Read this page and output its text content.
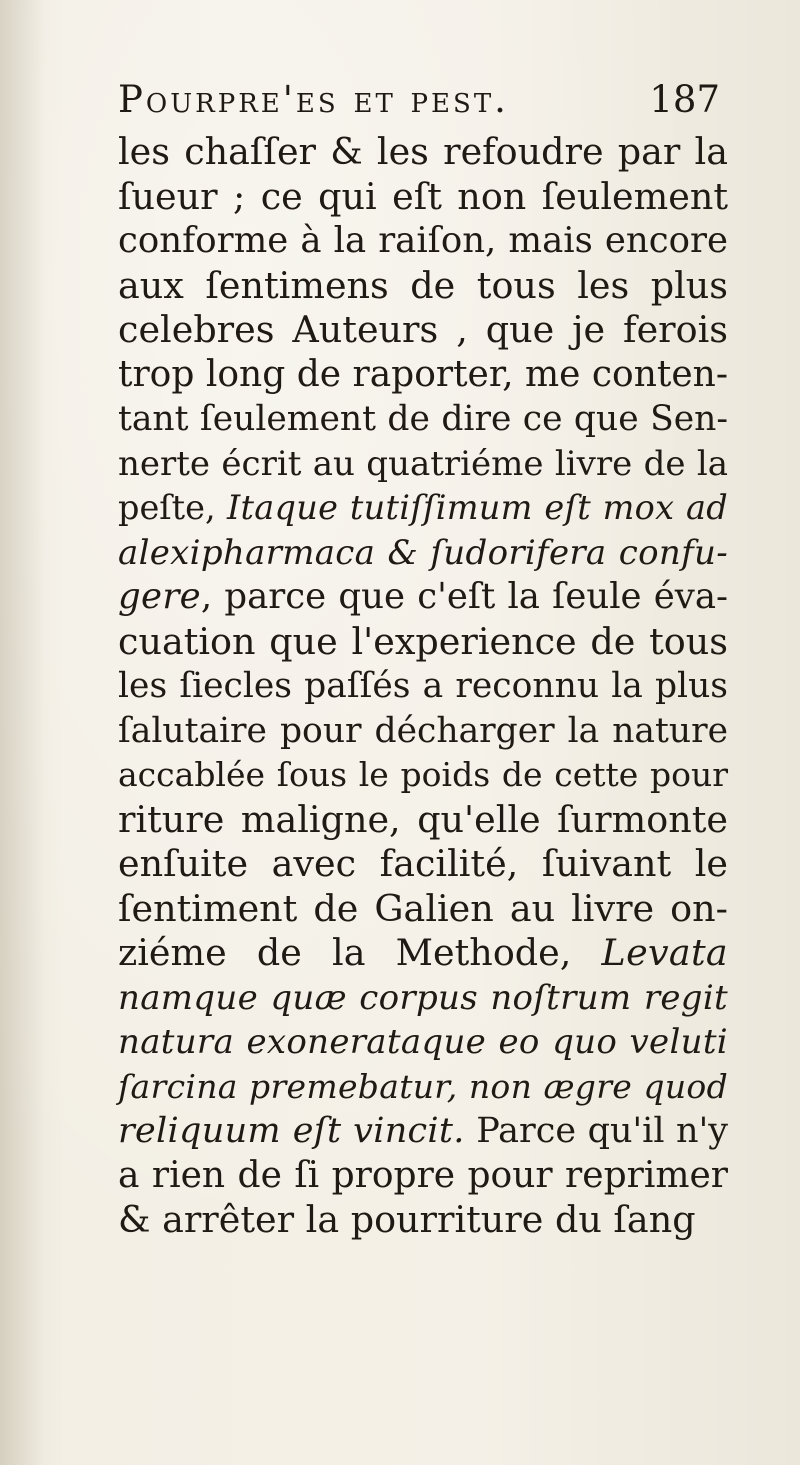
Pourpre'es et pest.	187
les chaſſer & les refoudre par la
ſueur ; ce qui eſt non ſeulement
conforme à la raiſon, mais encore
aux ſentimens de tous les plus
celebres Auteurs , que je ferois
trop long de raporter, me conten-
tant ſeulement de dire ce que Sen-
nerte écrit au quatriéme livre de la
peſte, Itaque tutiſſimum eſt mox ad
alexipharmaca & ſudorifera confu-
gere, parce que c'eſt la ſeule éva-
cuation que l'experience de tous
les ſiecles paſſés a reconnu la plus
ſalutaire pour décharger la nature
accablée ſous le poids de cette pour
riture maligne, qu'elle ſurmonte
enſuite avec facilité, ſuivant le
ſentiment de Galien au livre on-
ziéme de la Methode, Levata
namque quæ corpus noſtrum regit
natura exonerataque eo quo veluti
ſarcina premebatur, non ægre quod
reliquum eſt vincit. Parce qu'il n'y
a rien de ſi propre pour reprimer
& arrêter la pourriture du ſang
